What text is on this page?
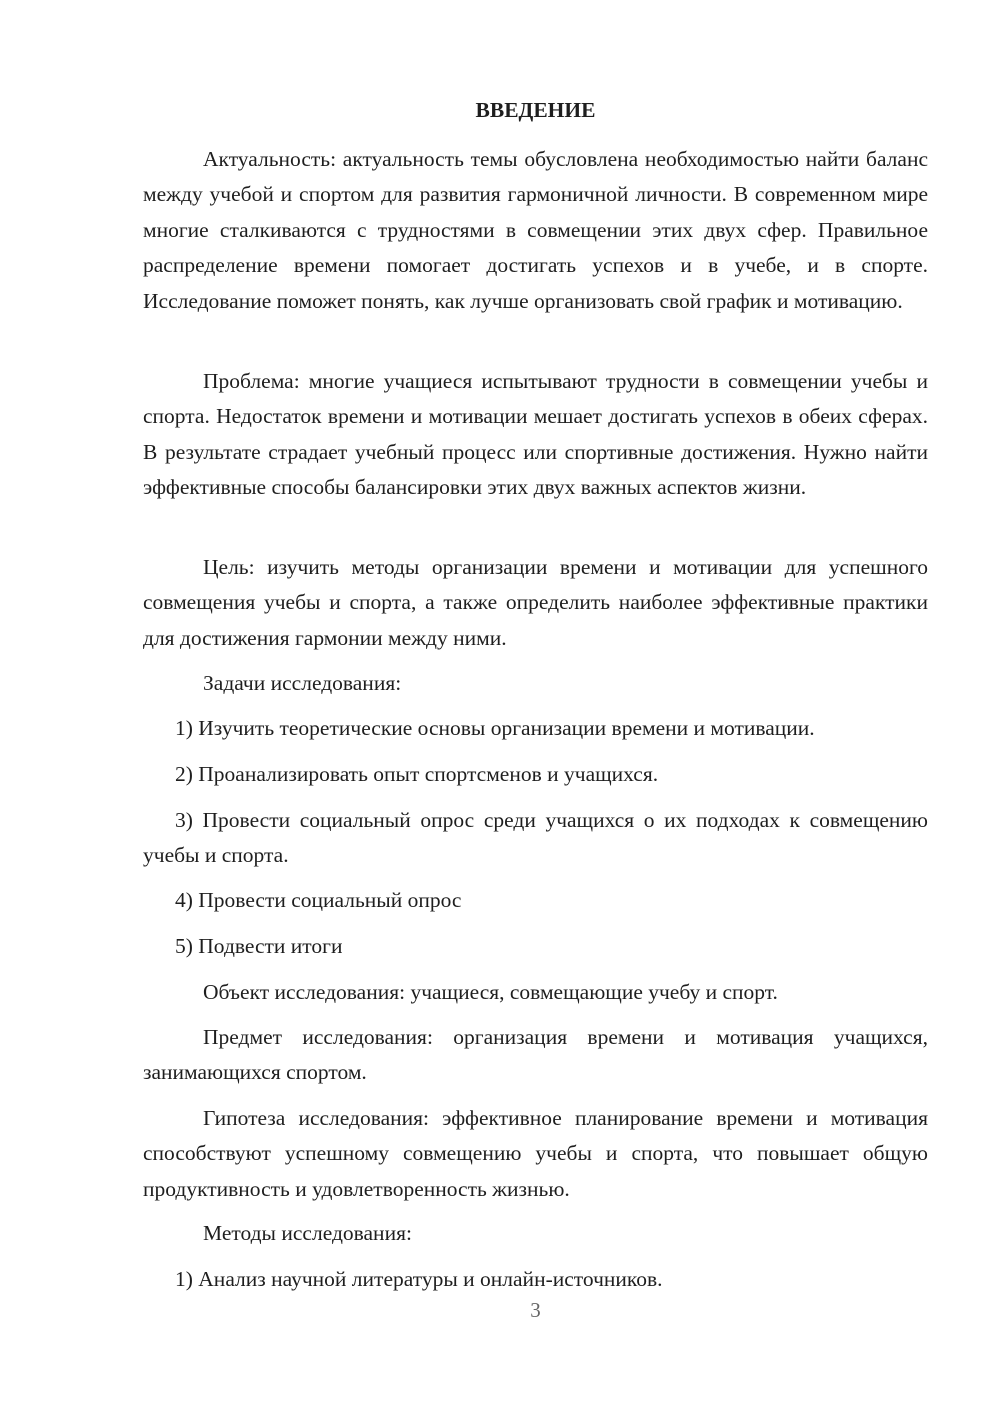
ВВЕДЕНИЕ

Актуальность: актуальность темы обусловлена необходимостью найти баланс между учебой и спортом для развития гармоничной личности. В современном мире многие сталкиваются с трудностями в совмещении этих двух сфер. Правильное распределение времени помогает достигать успехов и в учебе, и в спорте. Исследование поможет понять, как лучше организовать свой график и мотивацию.

Проблема: многие учащиеся испытывают трудности в совмещении учебы и спорта. Недостаток времени и мотивации мешает достигать успехов в обеих сферах. В результате страдает учебный процесс или спортивные достижения. Нужно найти эффективные способы балансировки этих двух важных аспектов жизни.

Цель: изучить методы организации времени и мотивации для успешного совмещения учебы и спорта, а также определить наиболее эффективные практики для достижения гармонии между ними.

Задачи исследования:

1) Изучить теоретические основы организации времени и мотивации.

2) Проанализировать опыт спортсменов и учащихся.

3) Провести социальный опрос среди учащихся о их подходах к совмещению учебы и спорта.

4) Провести социальный опрос

5) Подвести итоги

Объект исследования: учащиеся, совмещающие учебу и спорт.

Предмет исследования: организация времени и мотивация учащихся, занимающихся спортом.

Гипотеза исследования: эффективное планирование времени и мотивация способствуют успешному совмещению учебы и спорта, что повышает общую продуктивность и удовлетворенность жизнью.

Методы исследования:

1) Анализ научной литературы и онлайн-источников.

3
